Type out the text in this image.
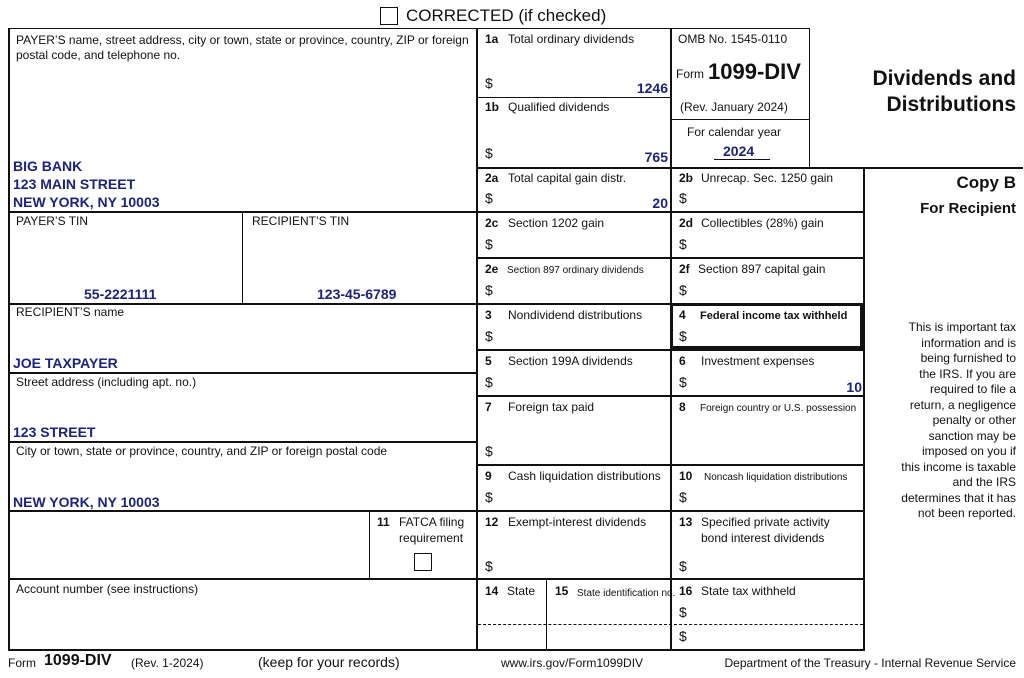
CORRECTED (if checked)
PAYER’S name, street address, city or town, state or province, country, ZIP or foreign postal code, and telephone no.
BIG BANK
123 MAIN STREET
NEW YORK, NY 10003
PAYER’S TIN
55-2221111
RECIPIENT’S TIN
123-45-6789
RECIPIENT’S name
JOE TAXPAYER
Street address (including apt. no.)
123 STREET
City or town, state or province, country, and ZIP or foreign postal code
NEW YORK, NY 10003
11 FATCA filing
requirement
Account number (see instructions)
1a Total ordinary dividends
$	1246
1b Qualified dividends
$	765
OMB No. 1545-0110
Form 1099-DIV
(Rev. January 2024)
For calendar year
2024
Dividends and
Distributions
Copy B
For Recipient
This is important tax
information and is
being furnished to
the IRS. If you are
required to file a
return, a negligence
penalty or other
sanction may be
imposed on you if
this income is taxable
and the IRS
determines that it has
not been reported.
2a Total capital gain distr.
$	20
2b Unrecap. Sec. 1250 gain
$
2c Section 1202 gain
$
2d Collectibles (28%) gain
$
2e Section 897 ordinary dividends
$
2f Section 897 capital gain
$
3 Nondividend distributions
$
4 Federal income tax withheld
$
5 Section 199A dividends
$
6 Investment expenses
$	10
7 Foreign tax paid
$
8 Foreign country or U.S. possession
9 Cash liquidation distributions
$
10 Noncash liquidation distributions
$
12 Exempt-interest dividends
$
13 Specified private activity
bond interest dividends
$
14 State 15 State identification no. 16 State tax withheld
$
$
Form 1099-DIV (Rev. 1-2024)	(keep for your records)	www.irs.gov/Form1099DIV	Department of the Treasury - Internal Revenue Service
